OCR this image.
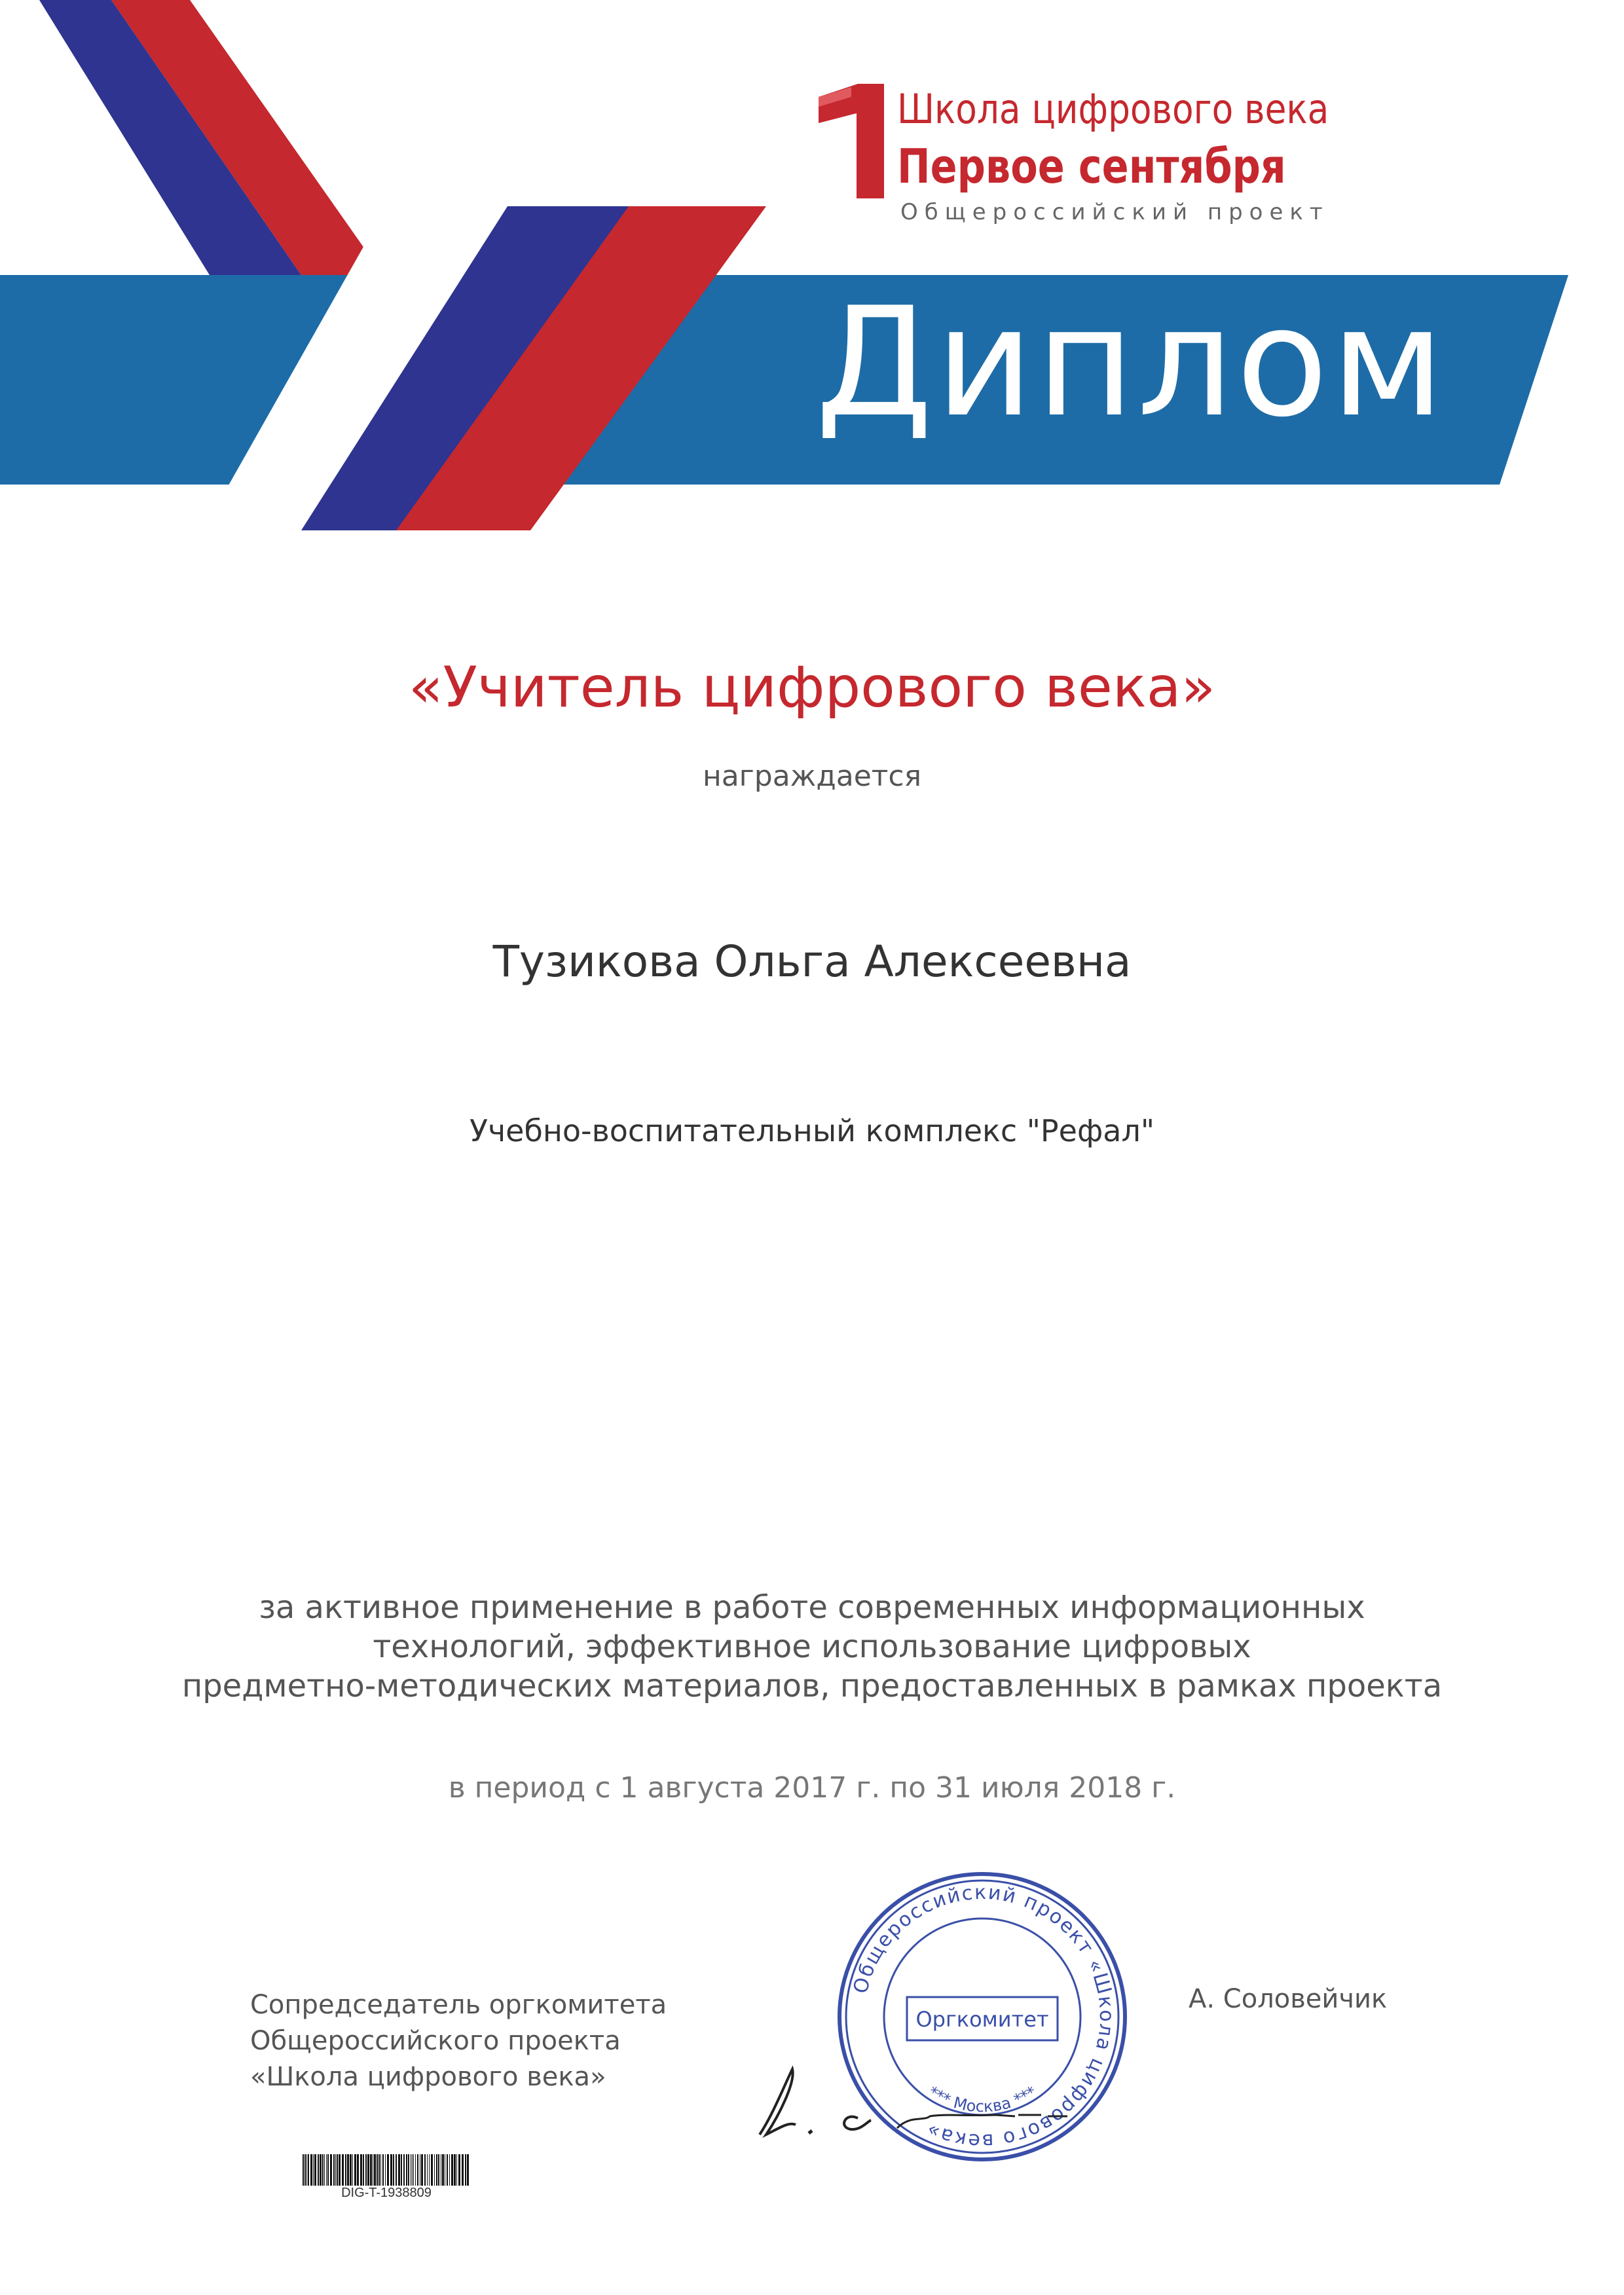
Диплом
Школа цифрового века
Первое сентября
Общероссийский проект
«Учитель цифрового века»
награждается
Тузикова Ольга Алексеевна
Учебно-воспитательный комплекс "Рефал"
за активное применение в работе современных информационных
технологий, эффективное использование цифровых
предметно-методических материалов, предоставленных в рамках проекта
в период с 1 августа 2017 г. по 31 июля 2018 г.
Сопредседатель оргкомитета
Общероссийского проекта
«Школа цифрового века»
А. Соловейчик
Общероссийский проект «Школа цифрового века»
Оргкомитет
*** Москва ***
DIG-T-1938809
